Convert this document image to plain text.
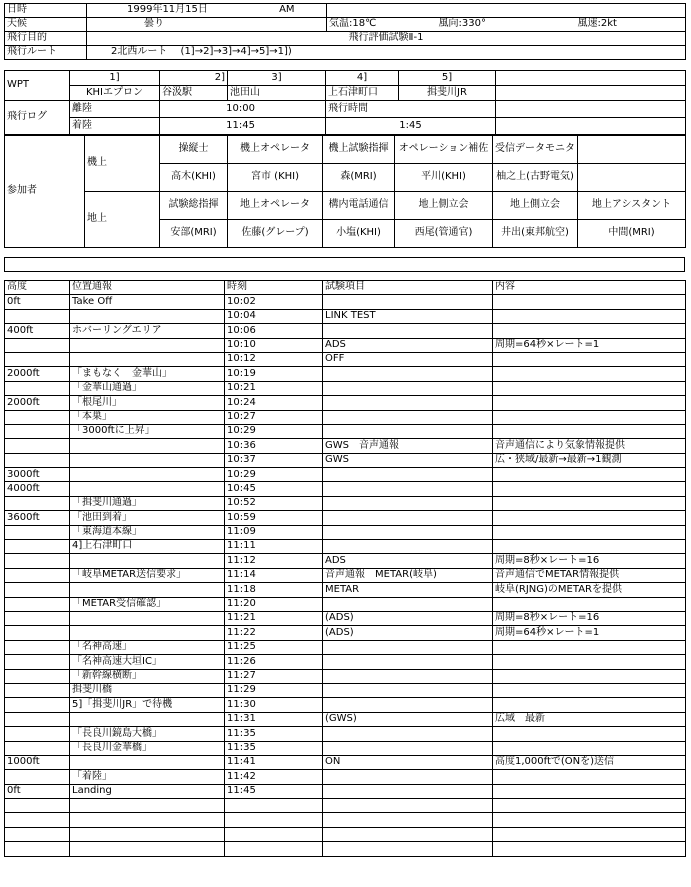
日時	1999年11月15日 AM			
天候	曇り	気温:18℃	風向:330°	風速:2kt
飛行目的	飛行評価試験Ⅱ-1			
飛行ルート	2北西ルート　 (1]→2]→3]→4]→5]→1])			
WPT	1]	2]	3]	4]	5]	
	KHIエプロン	谷汲駅	池田山	上石津町口	揖斐川JR	
飛行ログ	離陸	10:00	飛行時間	
	着陸	11:45	1:45	
参加者	機上	操縦士	機上オペレータ	機上試験指揮	オペレーション補佐	受信データモニタ	
		高木(KHI)	宮市 (KHI)	森(MRI)	平川(KHI)	柚之上(古野電気)	
	地上	試験総指揮	地上オペレータ	構内電話通信	地上側立会	地上側立会	地上アシスタント
		安部(MRI)	佐藤(グレープ)	小塩(KHI)	西尾(管通官)	井出(東邦航空)	中間(MRI)
高度	位置通報	時刻	試験項目	内容
0ft	Take Off	10:02		
		10:04	LINK TEST	
400ft	ホバーリングエリア	10:06		
		10:10	ADS	周期=64秒×レート=1
		10:12	OFF	
2000ft	「まもなく　金華山」	10:19		
	「金華山通過」	10:21		
2000ft	「根尾川」	10:24		
	「本巣」	10:27		
	「3000ftに上昇」	10:29		
		10:36	GWS　音声通報	音声通信により気象情報提供
		10:37	GWS	広・狭域/最新→最新→1観測
3000ft		10:29		
4000ft		10:45		
	「揖斐川通過」	10:52		
3600ft	「池田到着」	10:59		
	「東海道本線」	11:09		
	4]上石津町口	11:11		
		11:12	ADS	周期=8秒×レート=16
	「岐阜METAR送信要求」	11:14	音声通報　METAR(岐阜)	音声通信でMETAR情報提供
		11:18	METAR	岐阜(RJNG)のMETARを提供
	「METAR受信確認」	11:20		
		11:21	(ADS)	周期=8秒×レート=16
		11:22	(ADS)	周期=64秒×レート=1
	「名神高速」	11:25		
	「名神高速大垣IC」	11:26		
	「新幹線横断」	11:27		
	揖斐川橋	11:29		
	5]「揖斐川JR」で待機	11:30		
		11:31	(GWS)	広域　最新
	「長良川鏡島大橋」	11:35		
	「長良川金華橋」	11:35		
1000ft		11:41	ON	高度1,000ftで(ONを)送信
	「着陸」	11:42		
0ft	Landing	11:45		
